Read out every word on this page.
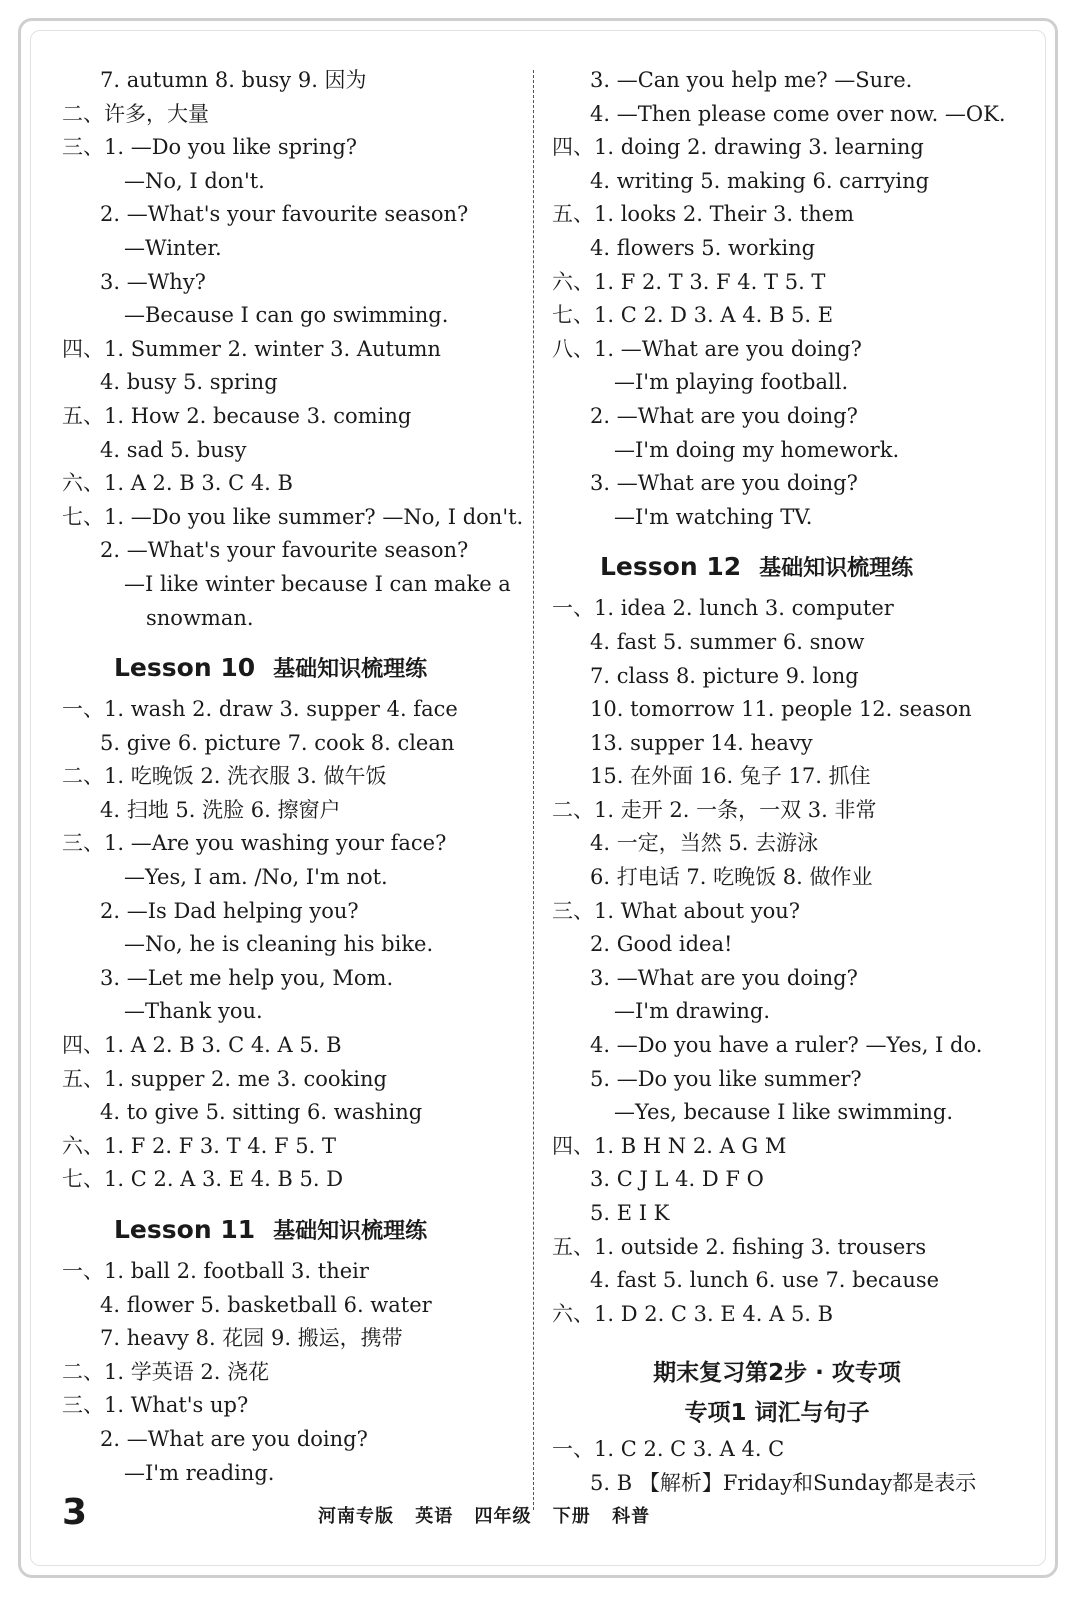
7. autumn 8. busy 9. 因为
二、许多，大量
三、1. —Do you like spring?
—No, I don't.
2. —What's your favourite season?
—Winter.
3. —Why?
—Because I can go swimming.
四、1. Summer 2. winter 3. Autumn
4. busy 5. spring
五、1. How 2. because 3. coming
4. sad 5. busy
六、1. A 2. B 3. C 4. B
七、1. —Do you like summer? —No, I don't.
2. —What's your favourite season?
—I like winter because I can make a
snowman.
Lesson 10 基础知识梳理练
一、1. wash 2. draw 3. supper 4. face
5. give 6. picture 7. cook 8. clean
二、1. 吃晚饭 2. 洗衣服 3. 做午饭
4. 扫地 5. 洗脸 6. 擦窗户
三、1. —Are you washing your face?
—Yes, I am. /No, I'm not.
2. —Is Dad helping you?
—No, he is cleaning his bike.
3. —Let me help you, Mom.
—Thank you.
四、1. A 2. B 3. C 4. A 5. B
五、1. supper 2. me 3. cooking
4. to give 5. sitting 6. washing
六、1. F 2. F 3. T 4. F 5. T
七、1. C 2. A 3. E 4. B 5. D
Lesson 11 基础知识梳理练
一、1. ball 2. football 3. their
4. flower 5. basketball 6. water
7. heavy 8. 花园 9. 搬运，携带
二、1. 学英语 2. 浇花
三、1. What's up?
2. —What are you doing?
—I'm reading.
3. —Can you help me? —Sure.
4. —Then please come over now. —OK.
四、1. doing 2. drawing 3. learning
4. writing 5. making 6. carrying
五、1. looks 2. Their 3. them
4. flowers 5. working
六、1. F 2. T 3. F 4. T 5. T
七、1. C 2. D 3. A 4. B 5. E
八、1. —What are you doing?
—I'm playing football.
2. —What are you doing?
—I'm doing my homework.
3. —What are you doing?
—I'm watching TV.
Lesson 12 基础知识梳理练
一、1. idea 2. lunch 3. computer
4. fast 5. summer 6. snow
7. class 8. picture 9. long
10. tomorrow 11. people 12. season
13. supper 14. heavy
15. 在外面 16. 兔子 17. 抓住
二、1. 走开 2. 一条，一双 3. 非常
4. 一定，当然 5. 去游泳
6. 打电话 7. 吃晚饭 8. 做作业
三、1. What about you?
2. Good idea!
3. —What are you doing?
—I'm drawing.
4. —Do you have a ruler? —Yes, I do.
5. —Do you like summer?
—Yes, because I like swimming.
四、1. B H N 2. A G M
3. C J L 4. D F O
5. E I K
五、1. outside 2. fishing 3. trousers
4. fast 5. lunch 6. use 7. because
六、1. D 2. C 3. E 4. A 5. B
期末复习第2步 · 攻专项
专项1 词汇与句子
一、1. C 2. C 3. A 4. C
5. B 【解析】Friday和Sunday都是表示
3	河南专版 英语 四年级 下册 科普
